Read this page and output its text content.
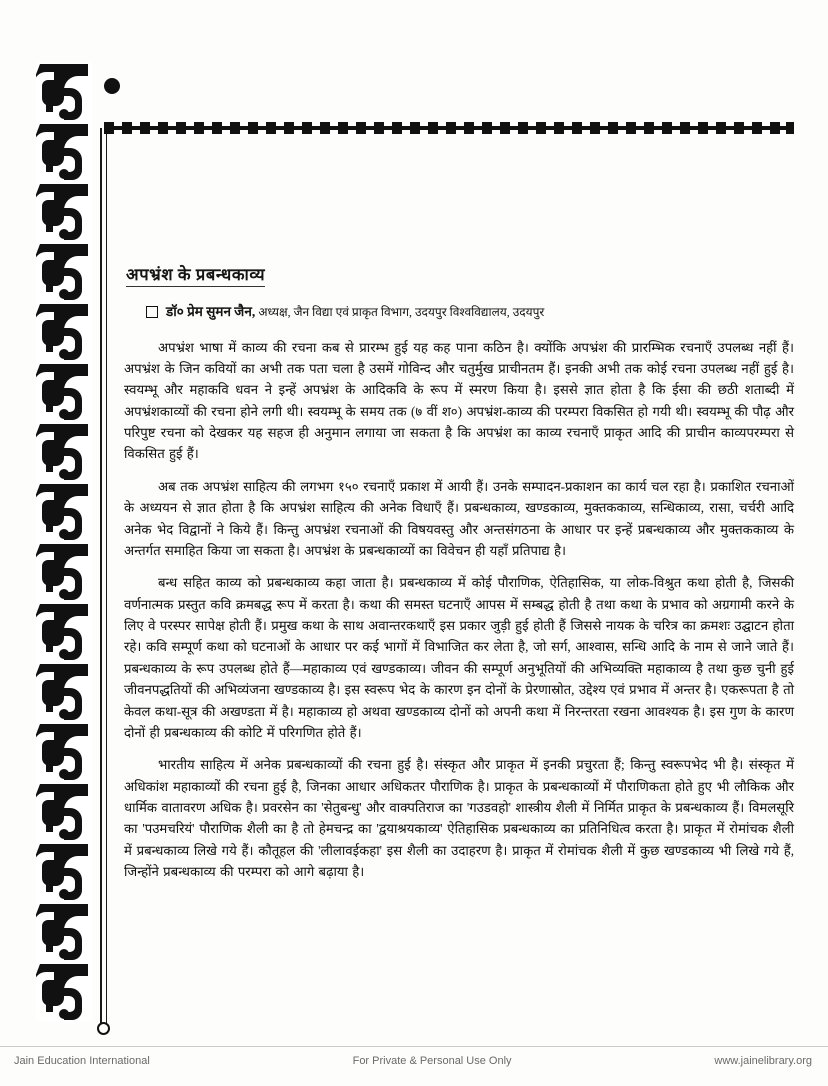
अपभ्रंश के प्रबन्धकाव्य
डॉ० प्रेम सुमन जैन, अध्यक्ष, जैन विद्या एवं प्राकृत विभाग, उदयपुर विश्वविद्यालय, उदयपुर

अपभ्रंश भाषा में काव्य की रचना कब से प्रारम्भ हुई यह कह पाना कठिन है। क्योंकि अपभ्रंश की प्रारम्भिक रचनाएँ उपलब्ध नहीं हैं। अपभ्रंश के जिन कवियों का अभी तक पता चला है उसमें गोविन्द और चतुर्मुख प्राचीनतम हैं। इनकी अभी तक कोई रचना उपलब्ध नहीं हुई है। स्वयम्भू और महाकवि धवन ने इन्हें अपभ्रंश के आदिकवि के रूप में स्मरण किया है। इससे ज्ञात होता है कि ईसा की छठी शताब्दी में अपभ्रंशकाव्यों की रचना होने लगी थी। स्वयम्भू के समय तक (७ वीं श०) अपभ्रंश-काव्य की परम्परा विकसित हो गयी थी। स्वयम्भू की पौढ़ और परिपुष्ट रचना को देखकर यह सहज ही अनुमान लगाया जा सकता है कि अपभ्रंश का काव्य रचनाएँ प्राकृत आदि की प्राचीन काव्यपरम्परा से विकसित हुई हैं।

अब तक अपभ्रंश साहित्य की लगभग १५० रचनाएँ प्रकाश में आयी हैं। उनके सम्पादन-प्रकाशन का कार्य चल रहा है। प्रकाशित रचनाओं के अध्ययन से ज्ञात होता है कि अपभ्रंश साहित्य की अनेक विधाएँ हैं। प्रबन्धकाव्य, खण्डकाव्य, मुक्तककाव्य, सन्धिकाव्य, रासा, चर्चरी आदि अनेक भेद विद्वानों ने किये हैं। किन्तु अपभ्रंश रचनाओं की विषयवस्तु और अन्तसंगठना के आधार पर इन्हें प्रबन्धकाव्य और मुक्तककाव्य के अन्तर्गत समाहित किया जा सकता है। अपभ्रंश के प्रबन्धकाव्यों का विवेचन ही यहाँ प्रतिपाद्य है।

बन्ध सहित काव्य को प्रबन्धकाव्य कहा जाता है। प्रबन्धकाव्य में कोई पौराणिक, ऐतिहासिक, या लोक-विश्रुत कथा होती है, जिसकी वर्णनात्मक प्रस्तुत कवि क्रमबद्ध रूप में करता है। कथा की समस्त घटनाएँ आपस में सम्बद्ध होती है तथा कथा के प्रभाव को अग्रगामी करने के लिए वे परस्पर सापेक्ष होती हैं। प्रमुख कथा के साथ अवान्तरकथाएँ इस प्रकार जुड़ी हुई होती हैं जिससे नायक के चरित्र का क्रमशः उद्घाटन होता रहे। कवि सम्पूर्ण कथा को घटनाओं के आधार पर कई भागों में विभाजित कर लेता है, जो सर्ग, आश्वास, सन्धि आदि के नाम से जाने जाते हैं। प्रबन्धकाव्य के रूप उपलब्ध होते हैं—महाकाव्य एवं खण्डकाव्य। जीवन की सम्पूर्ण अनुभूतियों की अभिव्यक्ति महाकाव्य है तथा कुछ चुनी हुई जीवनपद्धतियों की अभिव्यंजना खण्डकाव्य है। इस स्वरूप भेद के कारण इन दोनों के प्रेरणास्रोत, उद्देश्य एवं प्रभाव में अन्तर है। एकरूपता है तो केवल कथा-सूत्र की अखण्डता में है। महाकाव्य हो अथवा खण्डकाव्य दोनों को अपनी कथा में निरन्तरता रखना आवश्यक है। इस गुण के कारण दोनों ही प्रबन्धकाव्य की कोटि में परिगणित होते हैं।

भारतीय साहित्य में अनेक प्रबन्धकाव्यों की रचना हुई है। संस्कृत और प्राकृत में इनकी प्रचुरता हैं; किन्तु स्वरूपभेद भी है। संस्कृत में अधिकांश महाकाव्यों की रचना हुई है, जिनका आधार अधिकतर पौराणिक है। प्राकृत के प्रबन्धकाव्यों में पौराणिकता होते हुए भी लौकिक और धार्मिक वातावरण अधिक है। प्रवरसेन का 'सेतुबन्धु' और वाक्पतिराज का 'गउडवहो' शास्त्रीय शैली में निर्मित प्राकृत के प्रबन्धकाव्य हैं। विमलसूरि का 'पउमचरियं' पौराणिक शैली का है तो हेमचन्द्र का 'द्वयाश्रयकाव्य' ऐतिहासिक प्रबन्धकाव्य का प्रतिनिधित्व करता है। प्राकृत में रोमांचक शैली में प्रबन्धकाव्य लिखे गये हैं। कौतूहल की 'लीलावईकहा' इस शैली का उदाहरण है। प्राकृत में रोमांचक शैली में कुछ खण्डकाव्य भी लिखे गये हैं, जिन्होंने प्रबन्धकाव्य की परम्परा को आगे बढ़ाया है।

Jain Education International	For Private & Personal Use Only	www.jainelibrary.org
